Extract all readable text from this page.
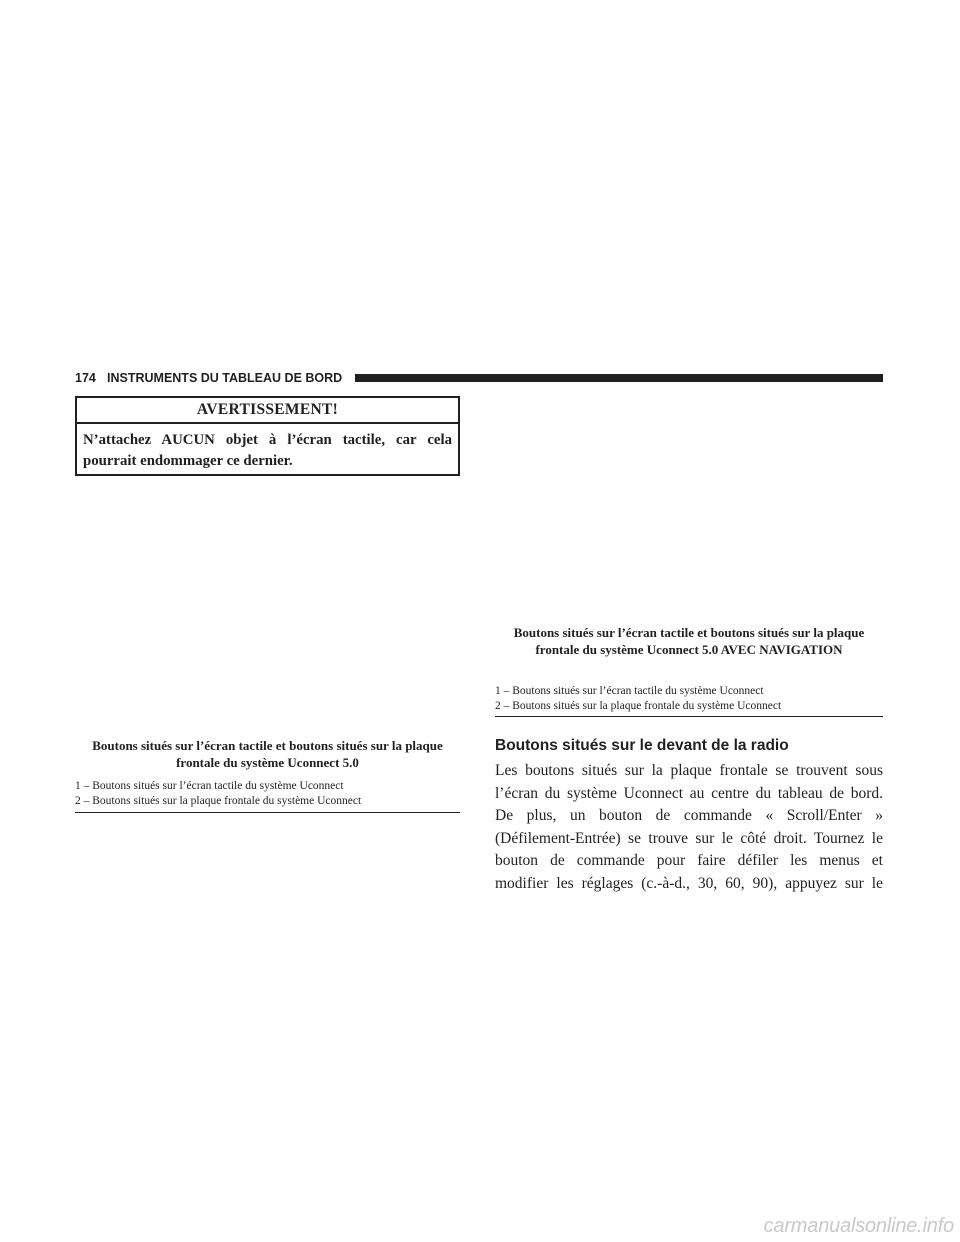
174 INSTRUMENTS DU TABLEAU DE BORD
AVERTISSEMENT!
N’attachez AUCUN objet à l’écran tactile, car cela pourrait endommager ce dernier.
Boutons situés sur l’écran tactile et boutons situés sur la plaque frontale du système Uconnect 5.0
1 – Boutons situés sur l’écran tactile du système Uconnect
2 – Boutons situés sur la plaque frontale du système Uconnect
Boutons situés sur l’écran tactile et boutons situés sur la plaque frontale du système Uconnect 5.0 AVEC NAVIGATION
1 – Boutons situés sur l’écran tactile du système Uconnect
2 – Boutons situés sur la plaque frontale du système Uconnect
Boutons situés sur le devant de la radio
Les boutons situés sur la plaque frontale se trouvent sous
l’écran du système Uconnect au centre du tableau de bord.
De plus, un bouton de commande « Scroll/Enter »
(Défilement-Entrée) se trouve sur le côté droit. Tournez le
bouton de commande pour faire défiler les menus et
modifier les réglages (c.-à-d., 30, 60, 90), appuyez sur le
carmanualsonline.info
